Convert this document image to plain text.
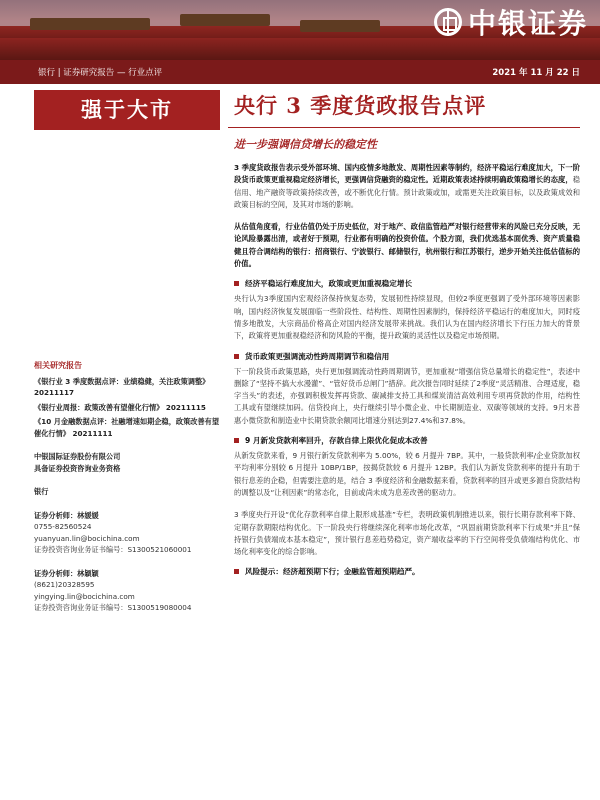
中银证券
银行 | 证券研究报告 — 行业点评	2021 年 11 月 22 日
强于大市	央行 3 季度货政报告点评
进一步强调信贷增长的稳定性
3 季度货政报告表示受外部环境、国内疫情多地散发、周期性因素等制约，经济平稳运行难度加大，下一阶段货币政策更重视稳定经济增长，更强调信贷融资的稳定性。近期政策表述持续明确政策稳增长的态度，稳信用、地产融资等政策持续改善，或不断优化行情。预计政策或加，或需更关注政策目标，以及政策成效和政策目标的空间，及其对市场的影响。
从估值角度看，行业估值仍处于历史低位，对于地产、政信监管趋严对银行经营带来的风险已充分反映，无论风险暴露出清，或者好于预期，行业都有明确的投资价值。个股方面，我们优选基本面优秀、资产质量稳健且符合调结构的银行：招商银行、宁波银行、邮储银行，杭州银行和江苏银行，逆步开始关注低估值标的价值。
经济平稳运行难度加大，政策或更加重视稳定增长
央行认为3季度国内宏观经济保持恢复态势，发展韧性持续显现，但较2季度更强调了受外部环境等因素影响，国内经济恢复发展面临一些阶段性、结构性、周期性因素制约，保持经济平稳运行的难度加大，同时疫情多地散发，大宗商品价格高企对国内经济发展带来挑战。我们认为在国内经济增长下行压力加大的背景下，政策将更加重视稳经济和防风险的平衡，提升政策的灵活性以及稳定市场预期。
货币政策更强调流动性跨周期调节和稳信用
下一阶段货币政策思路，央行更加强调流动性跨周期调节，更加重视“增强信贷总量增长的稳定性”，表述中删除了“坚持不搞大水漫灌”、“管好货币总闸门”措辞。此次报告同时延续了2季度“灵活精准、合理适度，稳字当头”的表述，亦强调积极发挥再贷款、碳减排支持工具和煤炭清洁高效利用专项再贷款的作用，结构性工具或有望继续加码。信贷投向上，央行继续引导小微企业、中长期制造业、双碳等领域的支持。9月末普惠小微贷款和制造业中长期贷款余额同比增速分别达到27.4%和37.8%。
9 月新发贷款利率回升，存款自律上限优化促成本改善
从新发贷款来看，9 月银行新发贷款利率为 5.00%，较 6 月提升 7BP。其中，一般贷款利率/企业贷款加权平均利率分别较 6 月提升 10BP/1BP，按揭贷款较 6 月提升 12BP。我们认为新发贷款利率的提升有助于银行息差的企稳，但需要注意的是，结合 3 季度经济和金融数据来看，贷款利率的回升或更多源自贷款结构的调整以及“让利因素”的常态化，目前或尚未成为息差改善的驱动力。
3 季度央行开设“优化存款利率自律上限形成基准”专栏，表明政策机制推进以来，银行长期存款利率下降、定期存款期限结构优化。下一阶段央行将继续深化利率市场化改革，“巩固前期贷款利率下行成果”并且“保持银行负债端成本基本稳定”，预计银行息差趋势稳定，资产端收益率的下行空间将受负债端结构优化、市场化利率变化的综合影响。
风险提示：经济超预期下行；金融监管超预期趋严。
相关研究报告
《银行业 3 季度数据点评：业绩稳健，关注政策调整》 20211117
《银行业周报：政策改善有望催化行情》 20211115
《10 月金融数据点评：社融增速如期企稳，政策改善有望催化行情》 20211111
中银国际证券股份有限公司
具备证券投资咨询业务资格
银行
证券分析师：林媛媛
0755-82560524
yuanyuan.lin@bocichina.com
证券投资咨询业务证书编号：S1300521060001
证券分析师：林颖颖
(8621)20328595
yingying.lin@bocichina.com
证券投资咨询业务证书编号：S1300519080004
